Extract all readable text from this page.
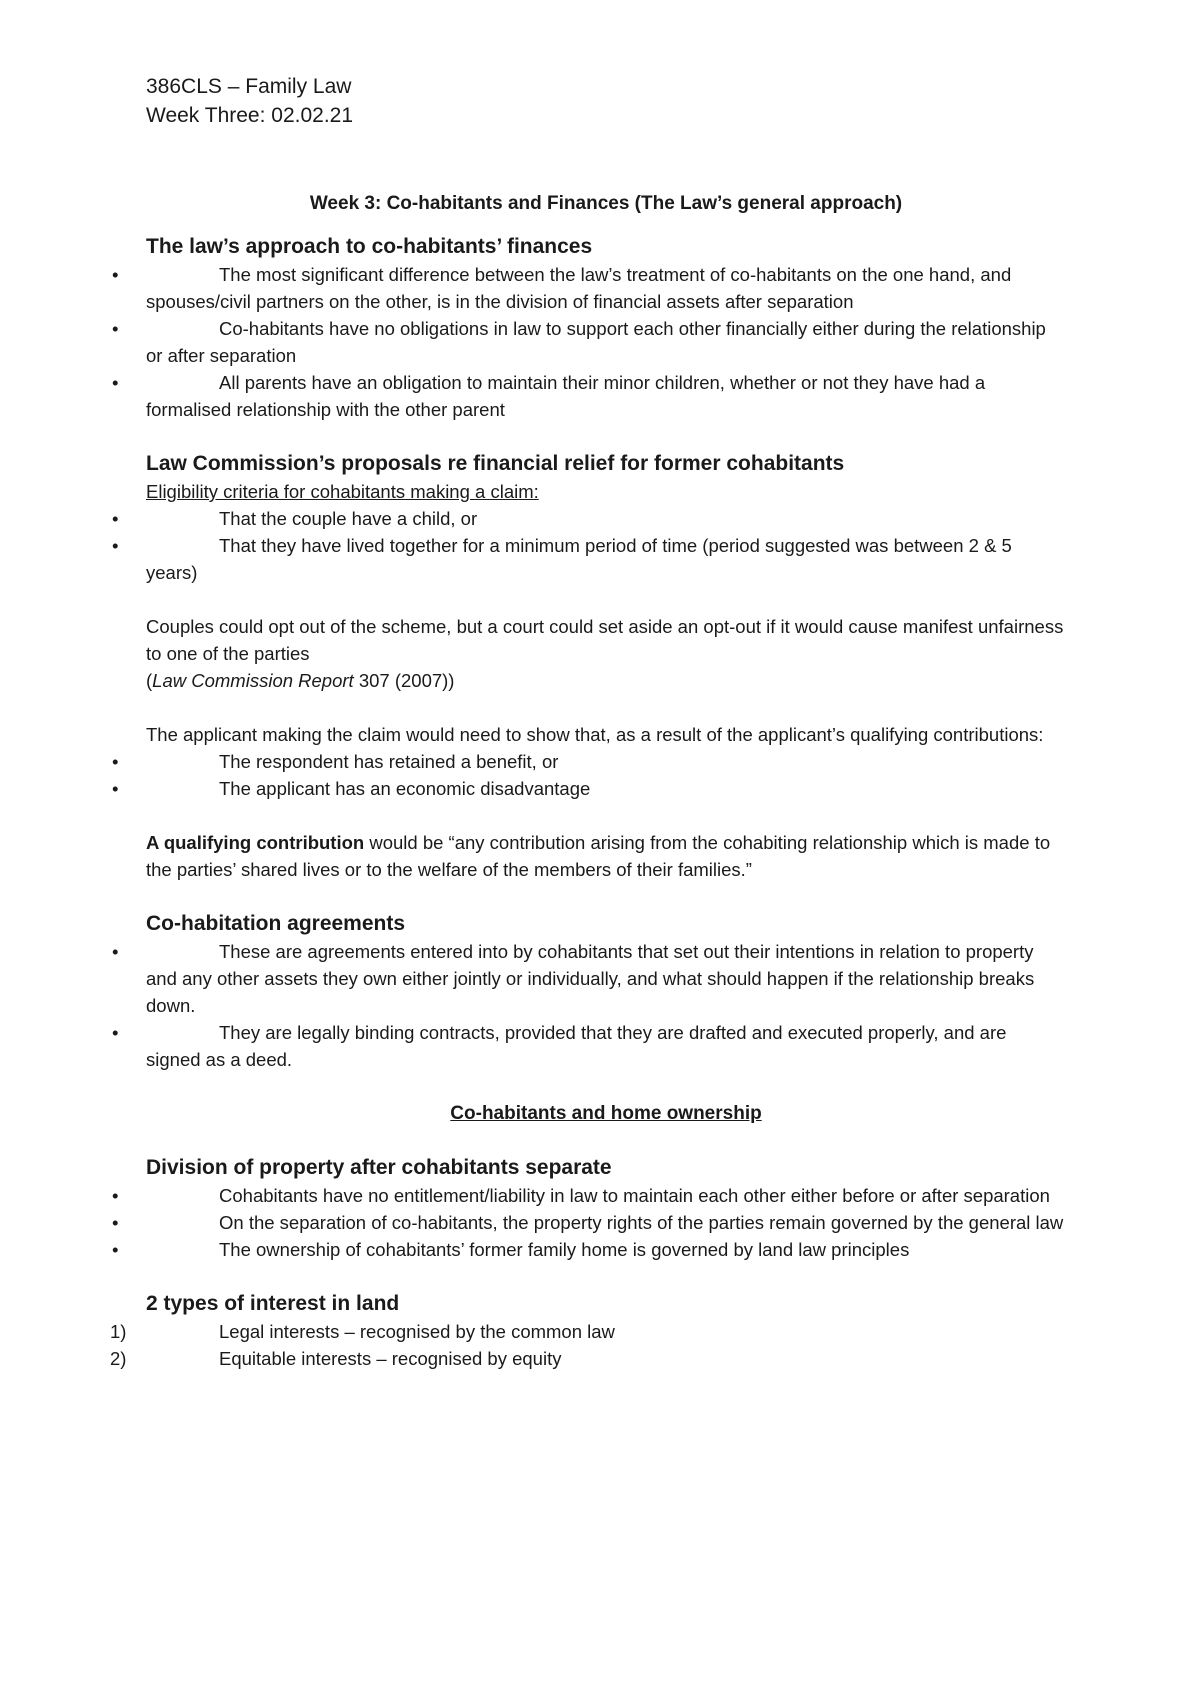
386CLS – Family Law
Week Three: 02.02.21
Week 3: Co-habitants and Finances (The Law’s general approach)
The law’s approach to co-habitants’ finances
•	The most significant difference between the law’s treatment of co-habitants on the one hand, and spouses/civil partners on the other, is in the division of financial assets after separation
•	Co-habitants have no obligations in law to support each other financially either during the relationship or after separation
•	All parents have an obligation to maintain their minor children, whether or not they have had a formalised relationship with the other parent
Law Commission’s proposals re financial relief for former cohabitants
Eligibility criteria for cohabitants making a claim:
•	That the couple have a child, or
•	That they have lived together for a minimum period of time (period suggested was between 2 & 5 years)
Couples could opt out of the scheme, but a court could set aside an opt-out if it would cause manifest unfairness to one of the parties
(Law Commission Report 307 (2007))
The applicant making the claim would need to show that, as a result of the applicant’s qualifying contributions:
•	The respondent has retained a benefit, or
•	The applicant has an economic disadvantage
A qualifying contribution would be “any contribution arising from the cohabiting relationship which is made to the parties’ shared lives or to the welfare of the members of their families.”
Co-habitation agreements
•	These are agreements entered into by cohabitants that set out their intentions in relation to property and any other assets they own either jointly or individually, and what should happen if the relationship breaks down.
•	They are legally binding contracts, provided that they are drafted and executed properly, and are signed as a deed.
Co-habitants and home ownership
Division of property after cohabitants separate
•	Cohabitants have no entitlement/liability in law to maintain each other either before or after separation
•	On the separation of co-habitants, the property rights of the parties remain governed by the general law
•	The ownership of cohabitants’ former family home is governed by land law principles
2 types of interest in land
1)	Legal interests – recognised by the common law
2)	Equitable interests – recognised by equity
